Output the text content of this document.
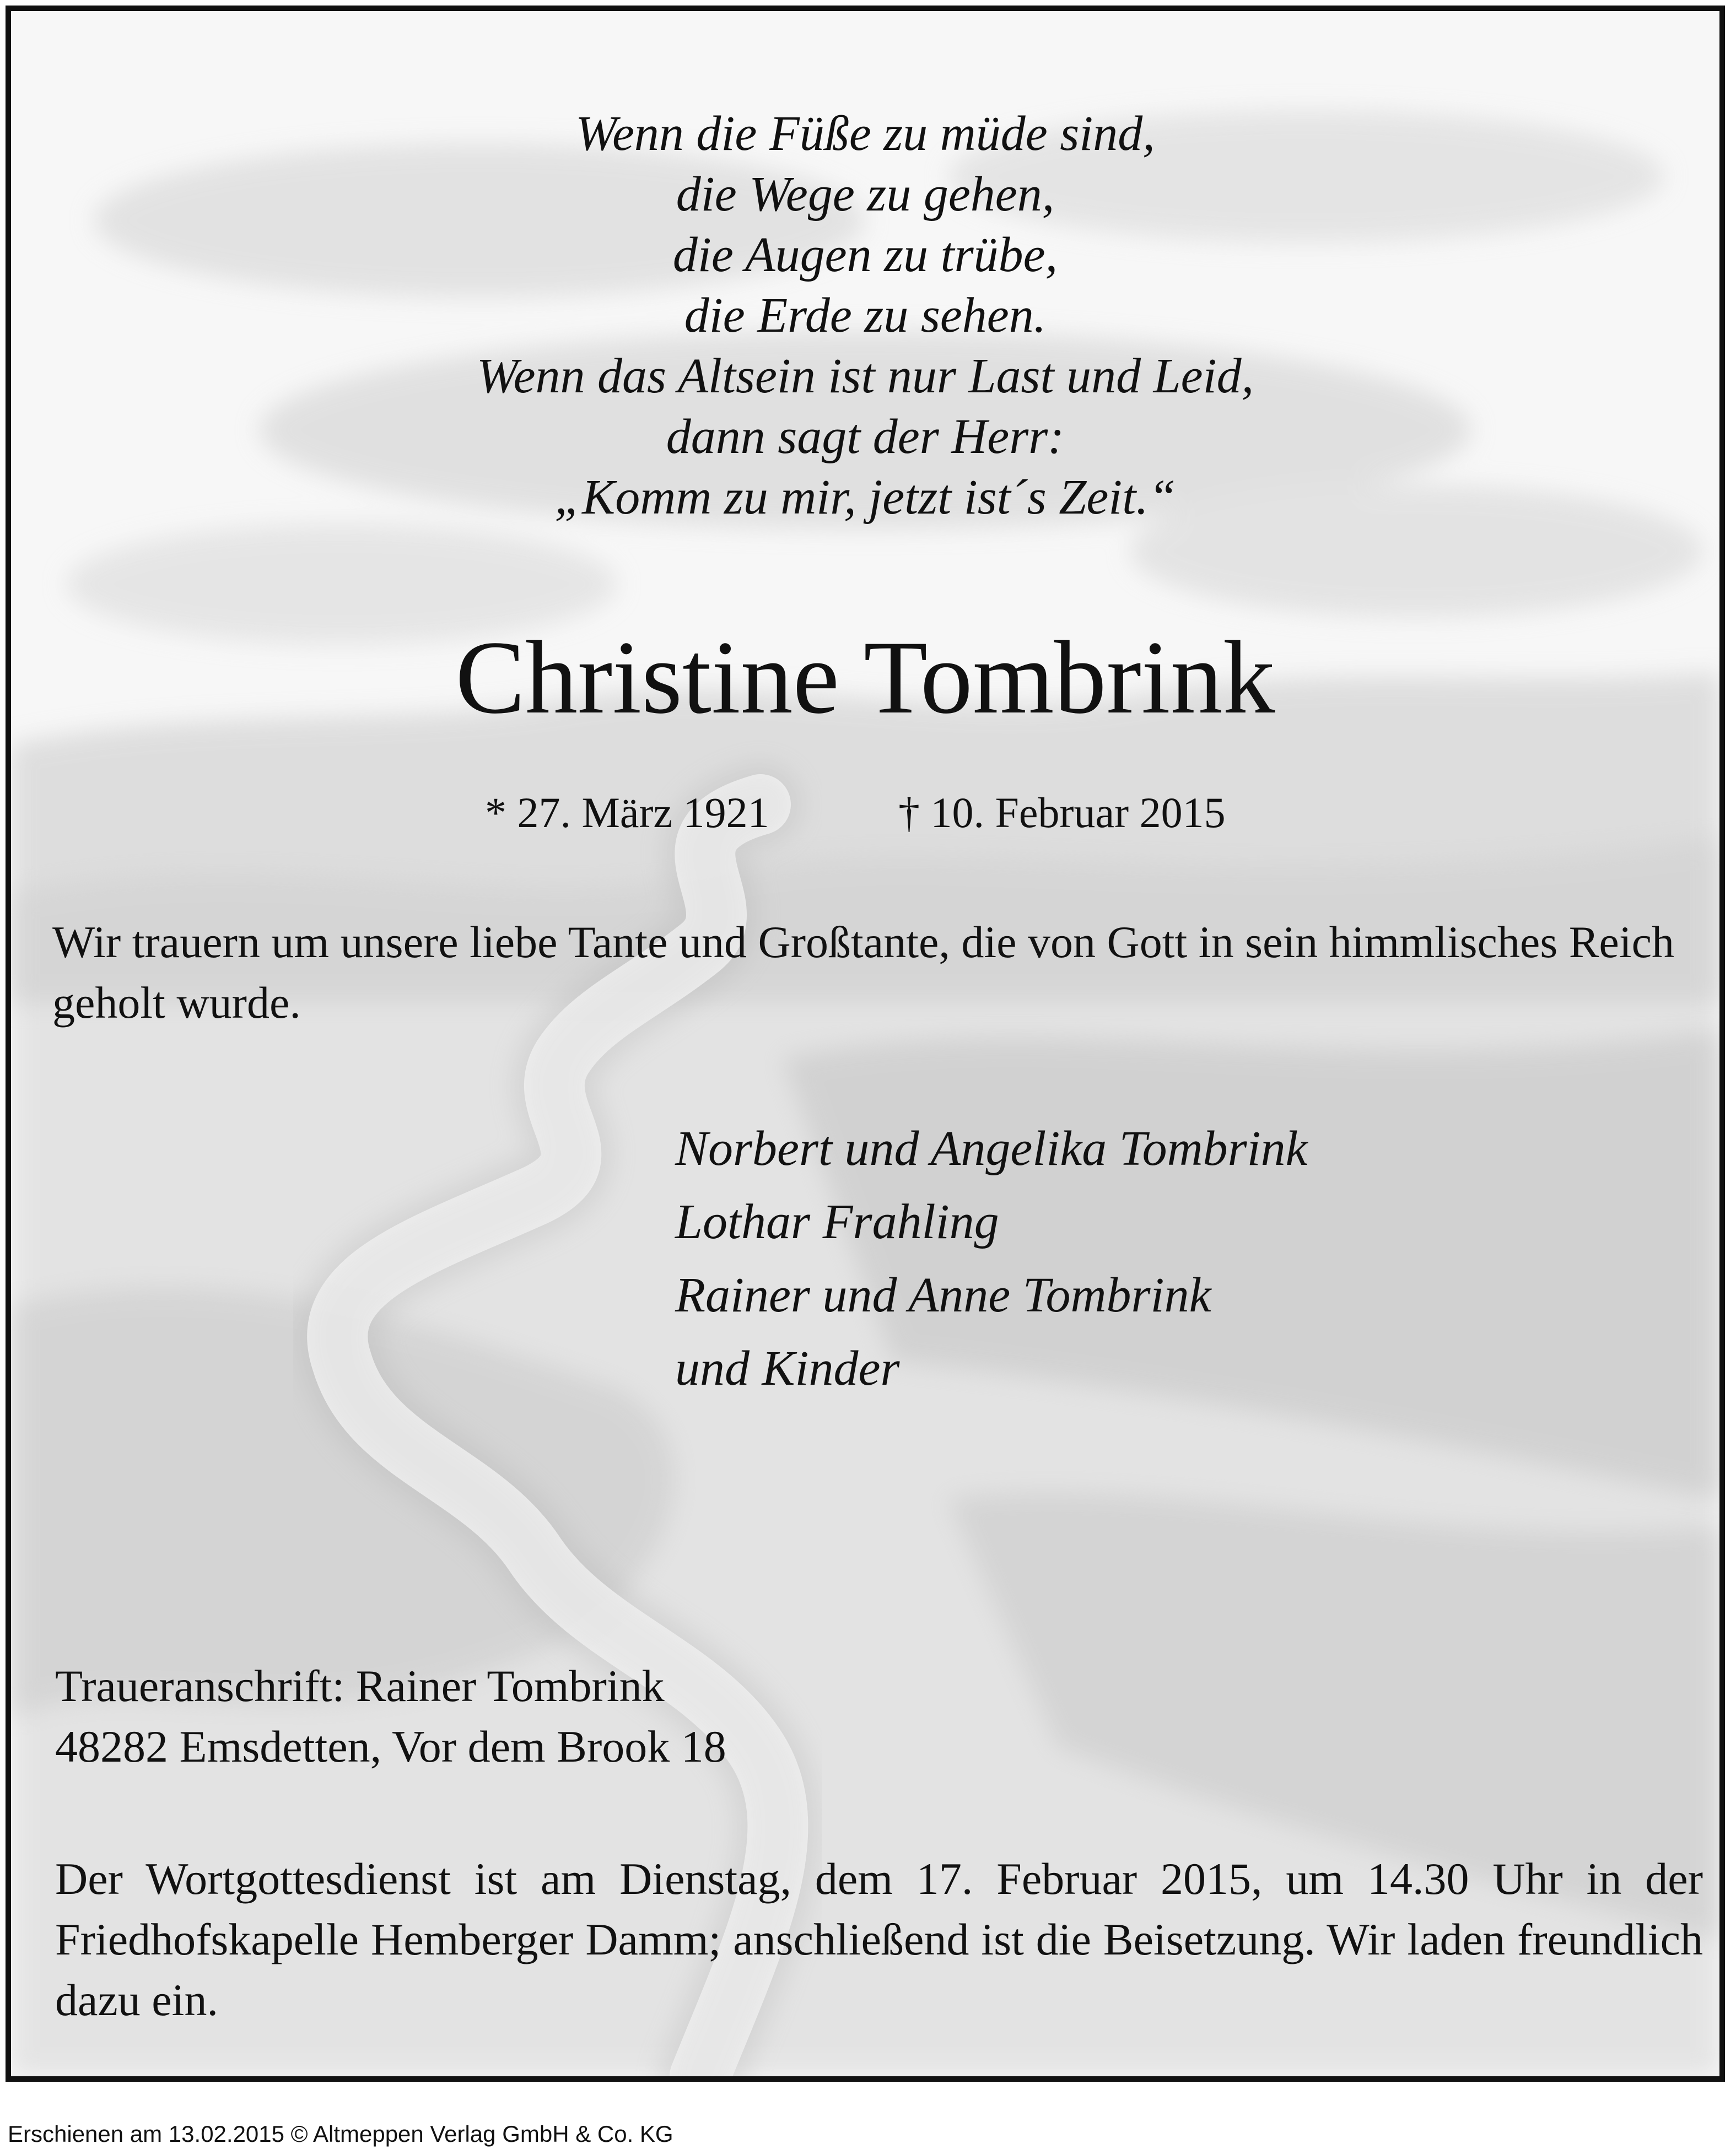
Wenn die Füße zu müde sind,
die Wege zu gehen,
die Augen zu trübe,
die Erde zu sehen.
Wenn das Altsein ist nur Last und Leid,
dann sagt der Herr:
„Komm zu mir, jetzt ist´s Zeit.“
Christine Tombrink
* 27. März 1921	† 10. Februar 2015
Wir trauern um unsere liebe Tante und Großtante, die von Gott in sein himmlisches Reich geholt wurde.
Norbert und Angelika Tombrink
Lothar Frahling
Rainer und Anne Tombrink
und Kinder
Traueranschrift: Rainer Tombrink
48282 Emsdetten, Vor dem Brook 18
Der Wortgottesdienst ist am Dienstag, dem 17. Februar 2015, um 14.30 Uhr in der Friedhofskapelle Hemberger Damm; anschließend ist die Beisetzung. Wir laden freundlich dazu ein.
Erschienen am 13.02.2015 © Altmeppen Verlag GmbH & Co. KG
